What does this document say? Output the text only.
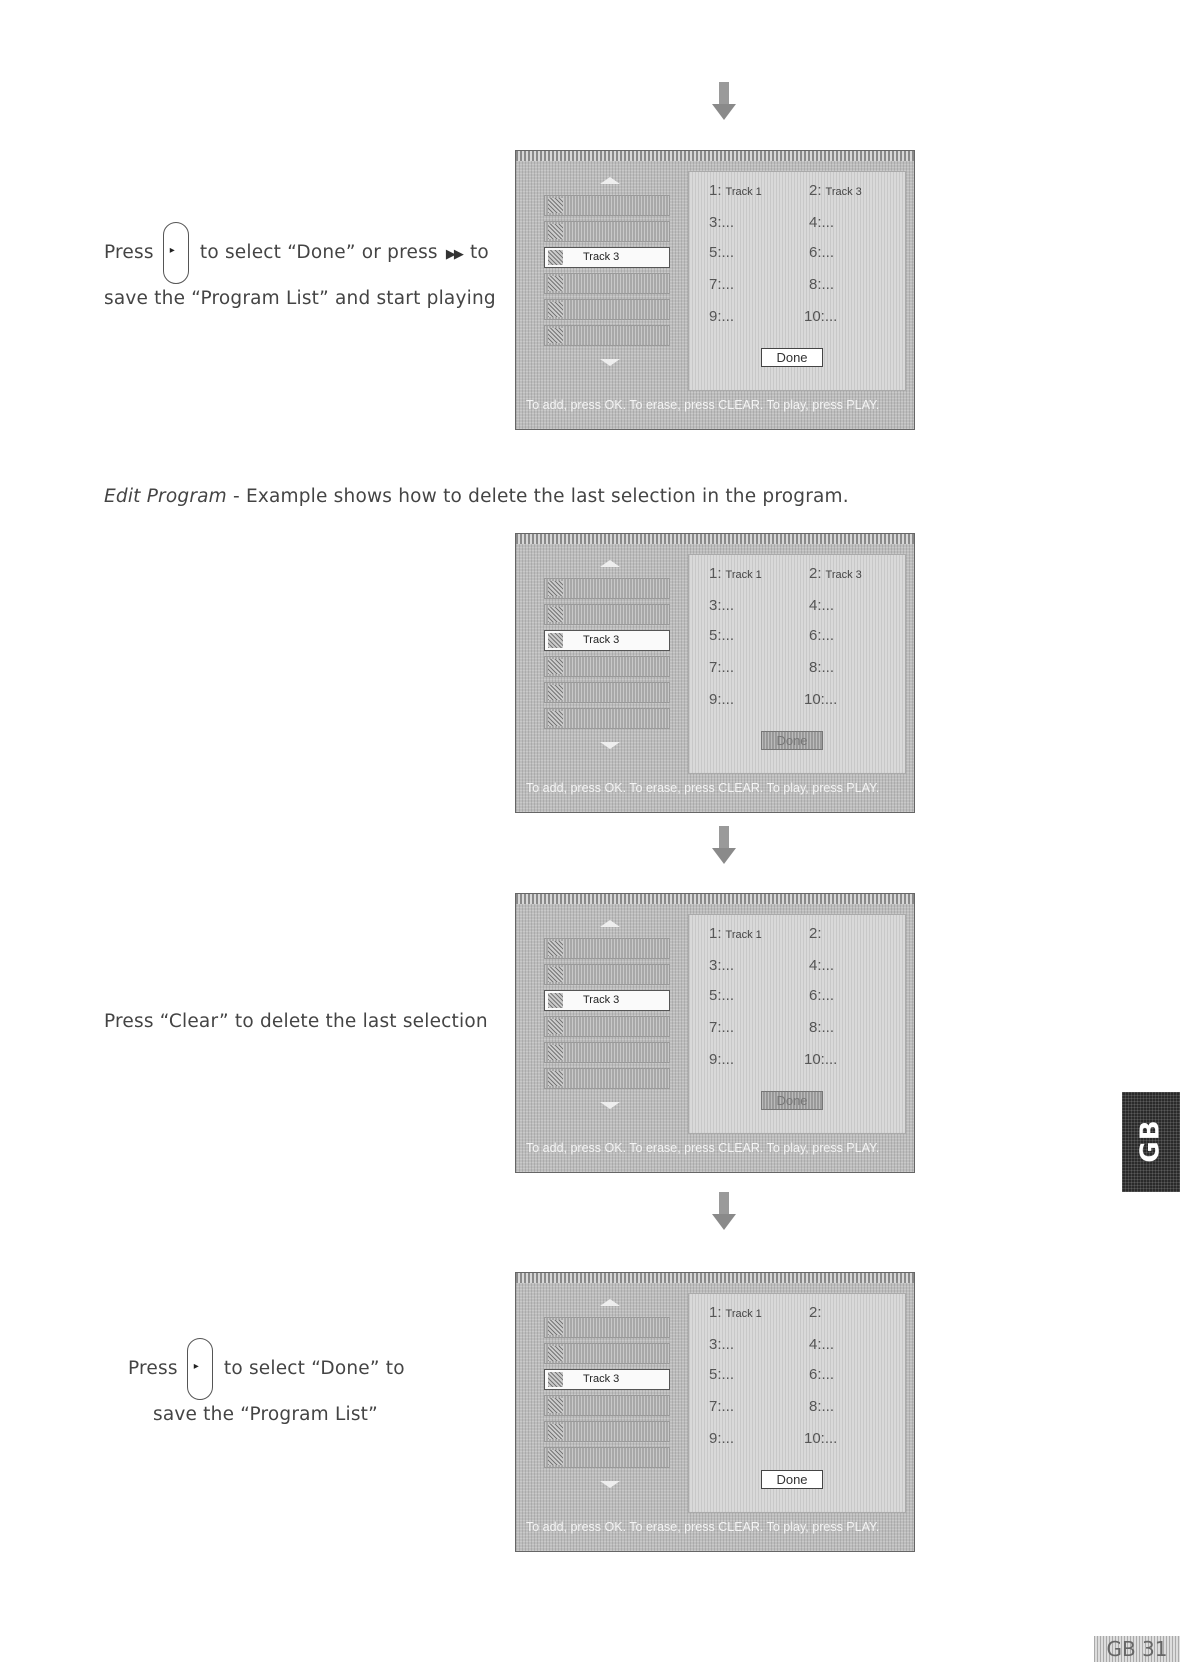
Press ▸ to select “Done” or press ▶▶ to
save the “Program List” and start playing
Edit Program - Example shows how to delete the last selection in the program.
Press “Clear” to delete the last selection
Press ▸ to select “Done” to
save the “Program List”
Track 3
1: Track 1	2: Track 3
3:...	4:...
5:...	6:...
7:...	8:...
9:...	10:...
Done
To add, press OK. To erase, press CLEAR. To play, press PLAY.
Track 3
1: Track 1	2: Track 3
3:...	4:...
5:...	6:...
7:...	8:...
9:...	10:...
Done
To add, press OK. To erase, press CLEAR. To play, press PLAY.
Track 3
1: Track 1	2:
3:...	4:...
5:...	6:...
7:...	8:...
9:...	10:...
Done
To add, press OK. To erase, press CLEAR. To play, press PLAY.
Track 3
1: Track 1	2:
3:...	4:...
5:...	6:...
7:...	8:...
9:...	10:...
Done
To add, press OK. To erase, press CLEAR. To play, press PLAY.
GB
GB 31
